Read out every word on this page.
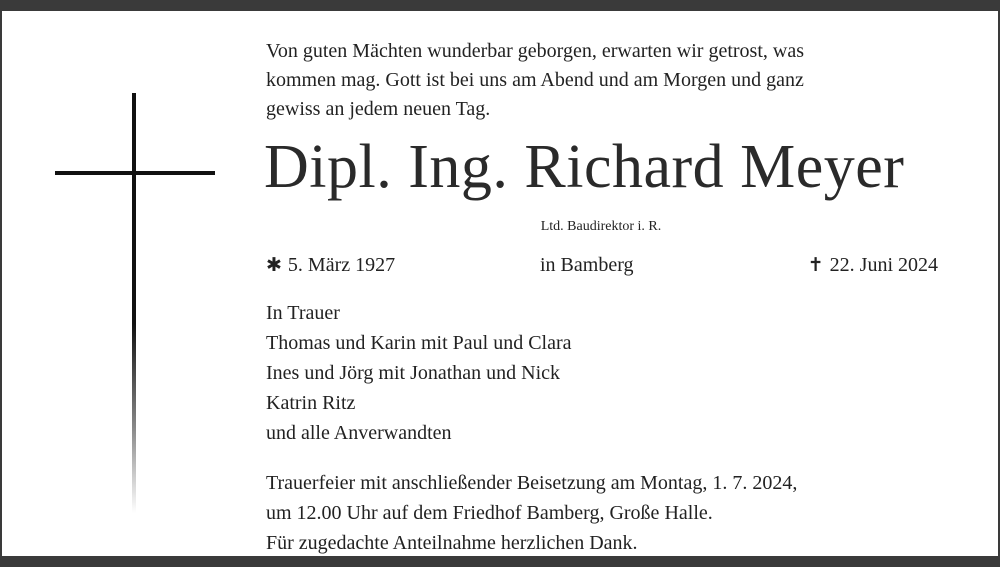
Von guten Mächten wunderbar geborgen, erwarten wir getrost, was
kommen mag. Gott ist bei uns am Abend und am Morgen und ganz
gewiss an jedem neuen Tag.
Dipl. Ing. Richard Meyer
Ltd. Baudirektor i. R.
✱ 5. März 1927	in Bamberg	✝ 22. Juni 2024
In Trauer
Thomas und Karin mit Paul und Clara
Ines und Jörg mit Jonathan und Nick
Katrin Ritz
und alle Anverwandten
Trauerfeier mit anschließender Beisetzung am Montag, 1. 7. 2024,
um 12.00 Uhr auf dem Friedhof Bamberg, Große Halle.
Für zugedachte Anteilnahme herzlichen Dank.
